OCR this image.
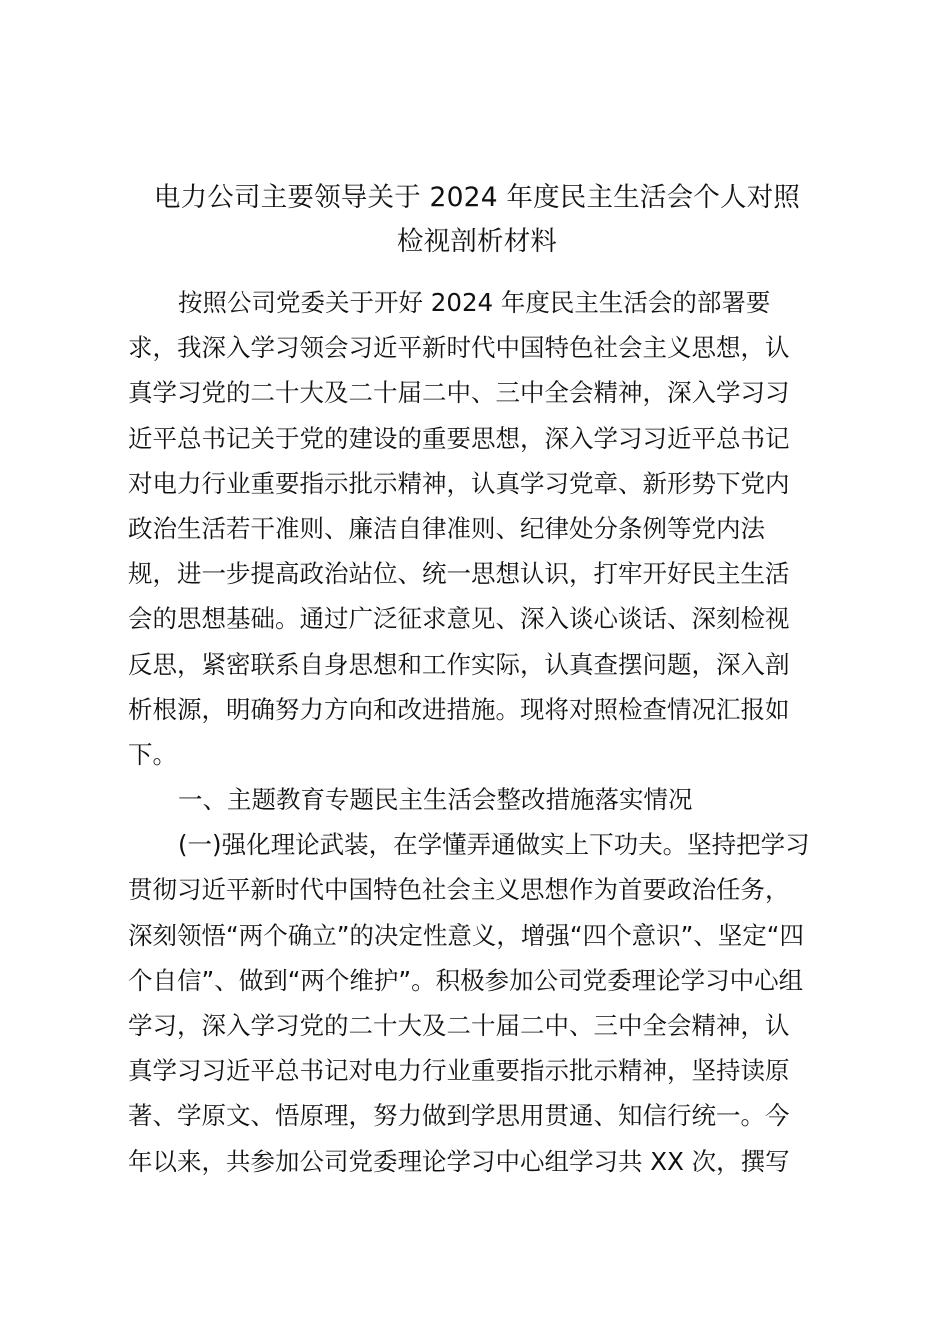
电力公司主要领导关于 2024 年度民主生活会个人对照
检视剖析材料
按照公司党委关于开好 2024 年度民主生活会的部署要
求，我深入学习领会习近平新时代中国特色社会主义思想，认
真学习党的二十大及二十届二中、三中全会精神，深入学习习
近平总书记关于党的建设的重要思想，深入学习习近平总书记
对电力行业重要指示批示精神，认真学习党章、新形势下党内
政治生活若干准则、廉洁自律准则、纪律处分条例等党内法
规，进一步提高政治站位、统一思想认识，打牢开好民主生活
会的思想基础。通过广泛征求意见、深入谈心谈话、深刻检视
反思，紧密联系自身思想和工作实际，认真查摆问题，深入剖
析根源，明确努力方向和改进措施。现将对照检查情况汇报如
下。
一、主题教育专题民主生活会整改措施落实情况
(一)强化理论武装，在学懂弄通做实上下功夫。坚持把学习
贯彻习近平新时代中国特色社会主义思想作为首要政治任务，
深刻领悟“两个确立”的决定性意义，增强“四个意识”、坚定“四
个自信”、做到“两个维护”。积极参加公司党委理论学习中心组
学习，深入学习党的二十大及二十届二中、三中全会精神，认
真学习习近平总书记对电力行业重要指示批示精神，坚持读原
著、学原文、悟原理，努力做到学思用贯通、知信行统一。今
年以来，共参加公司党委理论学习中心组学习共 XX 次，撰写
